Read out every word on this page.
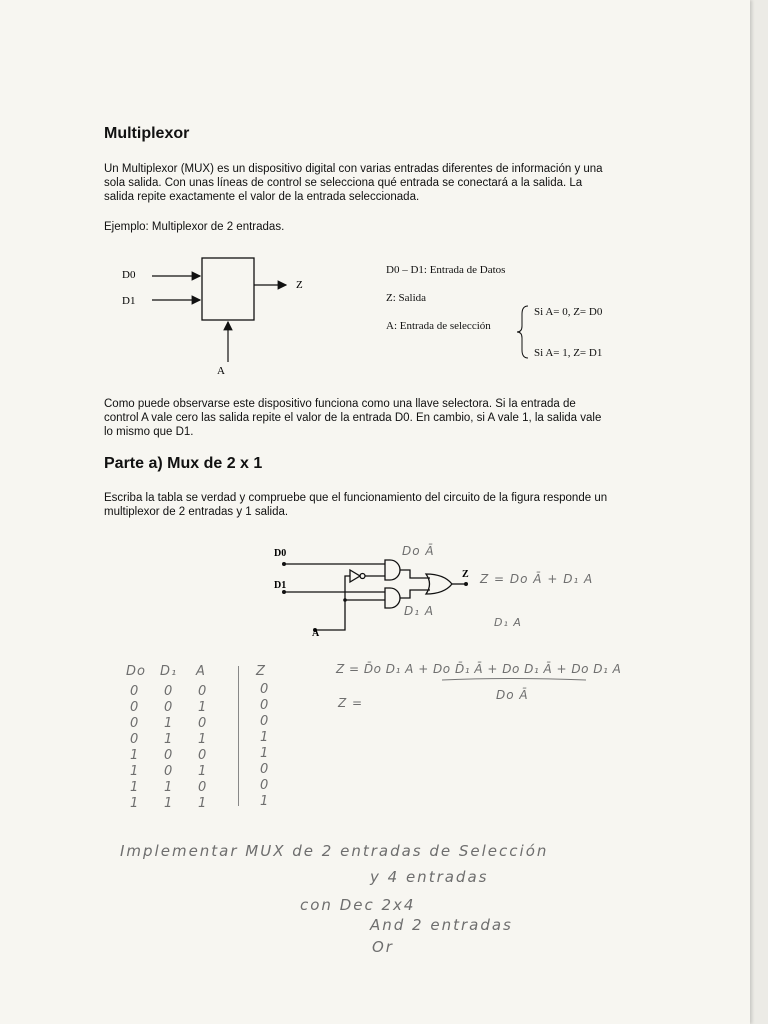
Multiplexor
Un Multiplexor (MUX) es un dispositivo digital con varias entradas diferentes de información y una
sola salida. Con unas líneas de control se selecciona qué entrada se conectará a la salida. La
salida repite exactamente el valor de la entrada seleccionada.
Ejemplo: Multiplexor de 2 entradas.
D0
D1
Z
A
D0 – D1: Entrada de Datos
Z: Salida
A: Entrada de selección
Si A= 0, Z= D0
Si A= 1, Z= D1
Como puede observarse este dispositivo funciona como una llave selectora. Si la entrada de
control A vale cero las salida repite el valor de la entrada D0. En cambio, si A vale 1, la salida vale
lo mismo que D1.
Parte a) Mux de 2 x 1
Escriba la tabla se verdad y compruebe que el funcionamiento del circuito de la figura responde un
multiplexor de 2 entradas y 1 salida.
D0
D1
A
Z
Do Ā
D₁ A
Z = Do Ā + D₁ A
D₁ A
Z = D̄o D₁ A + Do D̄₁ Ā + Do D₁ Ā + Do D₁ A
Do Ā
Z =
Do D₁ A	Z
0 0 0	0
0 0 1	0
0 1 0	0
0 1 1	1
1 0 0	1
1 0 1	0
1 1 0	0
1 1 1	1
Implementar MUX de 2 entradas de Selección
y 4 entradas
con Dec 2x4
And 2 entradas
Or
